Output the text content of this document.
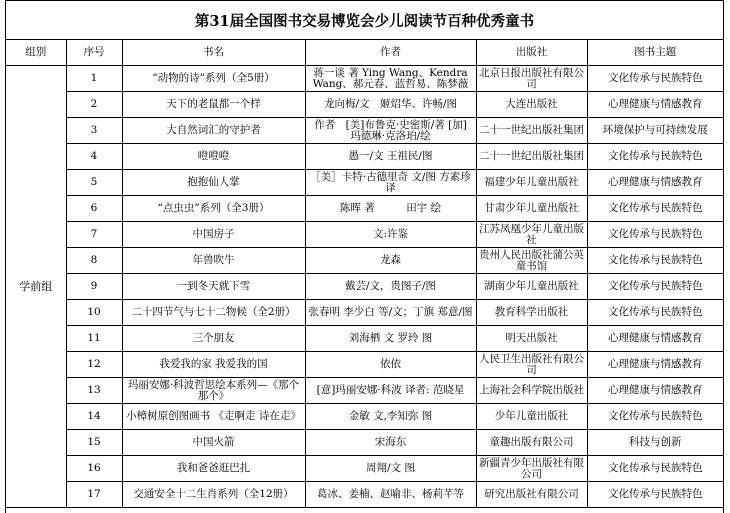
第31届全国图书交易博览会少儿阅读节百种优秀童书
组别	序号	书名	作者	出版社	图书主题
学前组	1	“动物的诗”系列（全5册）	蒋一谈 著 Ying Wang、Kendra Wang、郝元春、蓝哲易、陈梦薇	北京日报出版社有限公司	文化传承与民族特色
	2	天下的老鼠都一个样	龙向梅/文　姬炤华、许畅/图	大连出版社	心理健康与情感教育
	3	大自然词汇的守护者	作者　[美]布鲁克·史密斯/著 [加] 玛德琳·克洛珀/绘	二十一世纪出版社集团	环境保护与可持续发展
	4	噔噔噔	愚一/文 王祖民/图	二十一世纪出版社集团	文化传承与民族特色
	5	抱抱仙人掌	［美］卡特·古德里奇 文/图 方素珍 译	福建少年儿童出版社	心理健康与情感教育
	6	“点虫虫”系列（全3册）	陈晖 著　　　田宇 绘	甘肃少年儿童出版社	文化传承与民族特色
	7	中国房子	文:许鉴	江苏凤凰少年儿童出版社	文化传承与民族特色
	8	年兽吹牛	龙森	贵州人民出版社蒲公英童书馆	文化传承与民族特色
	9	一到冬天就下雪	戴芸/文，贵图子/图	湖南少年儿童出版社	文化传承与民族特色
	10	二十四节气与七十二物候（全2册）	张春明 李少白 等/文；丁旗 郑意/图	教育科学出版社	文化传承与民族特色
	11	三个朋友	刘海栖 文 罗玲 图	明天出版社	心理健康与情感教育
	12	我爱我的家 我爱我的国	依依	人民卫生出版社有限公司	心理健康与情感教育
	13	玛丽安娜·科波哲思绘本系列—《那个那个》	[意]玛丽安娜·科波 译者: 范晓星	上海社会科学院出版社	心理健康与情感教育
	14	小樟树原创图画书 《走啊走 诗在走》	金敏 文,李知弥 图	少年儿童出版社	文化传承与民族特色
	15	中国火箭	宋海东	童趣出版有限公司	科技与创新
	16	我和爸爸逛巴扎	周翔/文 图	新疆青少年出版社有限公司	文化传承与民族特色
	17	交通安全十二生肖系列（全12册）	葛冰、姜楠、赵喻非、杨莉芊等	研究出版社有限公司	文化传承与民族特色
